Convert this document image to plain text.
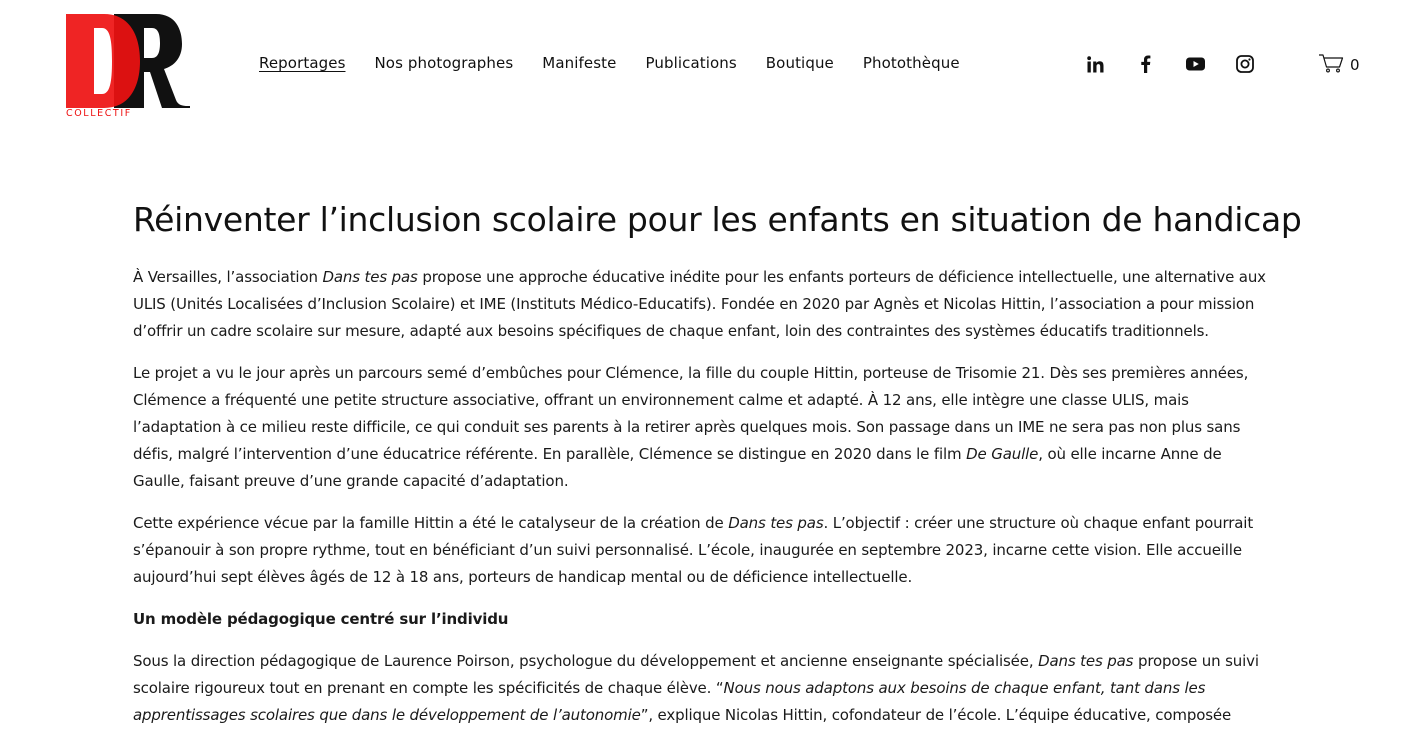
COLLECTIF
Reportages Nos photographes Manifeste Publications Boutique Photothèque	0
Réinventer l’inclusion scolaire pour les enfants en situation de handicap

À Versailles, l’association Dans tes pas propose une approche éducative inédite pour les enfants porteurs de déficience intellectuelle, une alternative aux ULIS (Unités Localisées d’Inclusion Scolaire) et IME (Instituts Médico-Educatifs). Fondée en 2020 par Agnès et Nicolas Hittin, l’association a pour mission d’offrir un cadre scolaire sur mesure, adapté aux besoins spécifiques de chaque enfant, loin des contraintes des systèmes éducatifs traditionnels.

Le projet a vu le jour après un parcours semé d’embûches pour Clémence, la fille du couple Hittin, porteuse de Trisomie 21. Dès ses premières années, Clémence a fréquenté une petite structure associative, offrant un environnement calme et adapté. À 12 ans, elle intègre une classe ULIS, mais l’adaptation à ce milieu reste difficile, ce qui conduit ses parents à la retirer après quelques mois. Son passage dans un IME ne sera pas non plus sans défis, malgré l’intervention d’une éducatrice référente. En parallèle, Clémence se distingue en 2020 dans le film De Gaulle, où elle incarne Anne de Gaulle, faisant preuve d’une grande capacité d’adaptation.

Cette expérience vécue par la famille Hittin a été le catalyseur de la création de Dans tes pas. L’objectif : créer une structure où chaque enfant pourrait s’épanouir à son propre rythme, tout en bénéficiant d’un suivi personnalisé. L’école, inaugurée en septembre 2023, incarne cette vision. Elle accueille aujourd’hui sept élèves âgés de 12 à 18 ans, porteurs de handicap mental ou de déficience intellectuelle.

Un modèle pédagogique centré sur l’individu

Sous la direction pédagogique de Laurence Poirson, psychologue du développement et ancienne enseignante spécialisée, Dans tes pas propose un suivi scolaire rigoureux tout en prenant en compte les spécificités de chaque élève. “Nous nous adaptons aux besoins de chaque enfant, tant dans les apprentissages scolaires que dans le développement de l’autonomie”, explique Nicolas Hittin, cofondateur de l’école. L’équipe éducative, composée
